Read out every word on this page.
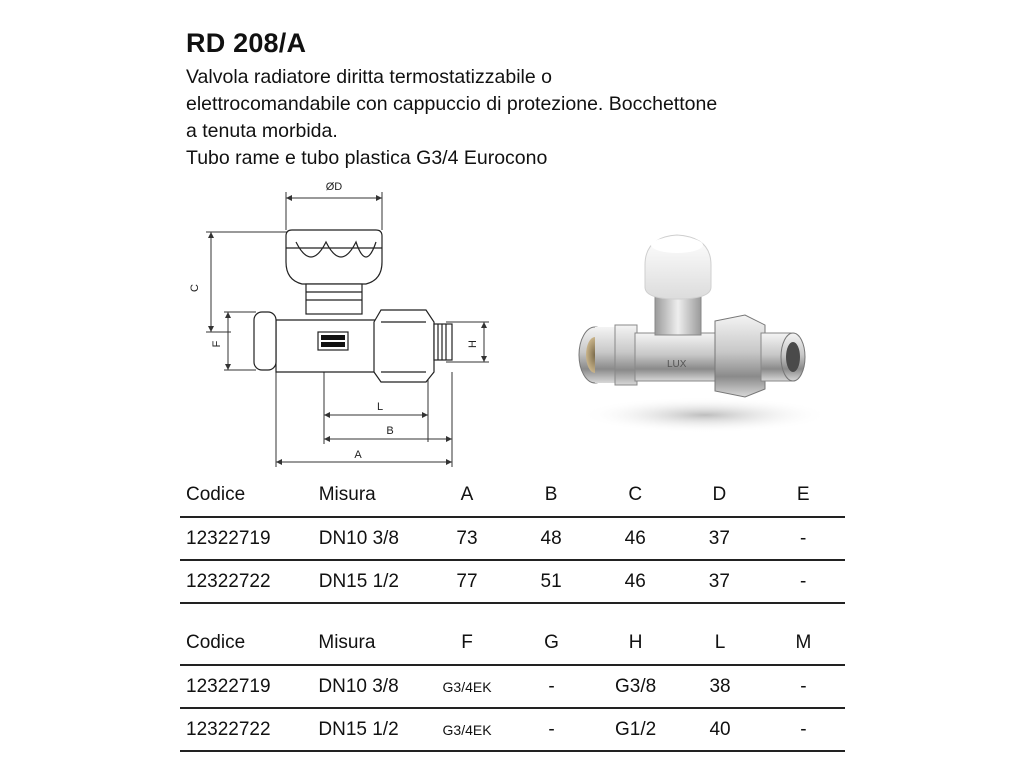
RD 208/A
Valvola radiatore diritta termostatizzabile o
elettrocomandabile con cappuccio di protezione. Bocchettone
a tenuta morbida.
Tubo rame e tubo plastica G3/4 Eurocono
ØD
C
F	H
L
B
A
LUX
Codice	Misura	A	B	C	D	E
12322719	DN10 3/8	73	48	46	37	-
12322722	DN15 1/2	77	51	46	37	-
Codice	Misura	F	G	H	L	M
12322719	DN10 3/8	G3/4EK	-	G3/8	38	-
12322722	DN15 1/2	G3/4EK	-	G1/2	40	-
